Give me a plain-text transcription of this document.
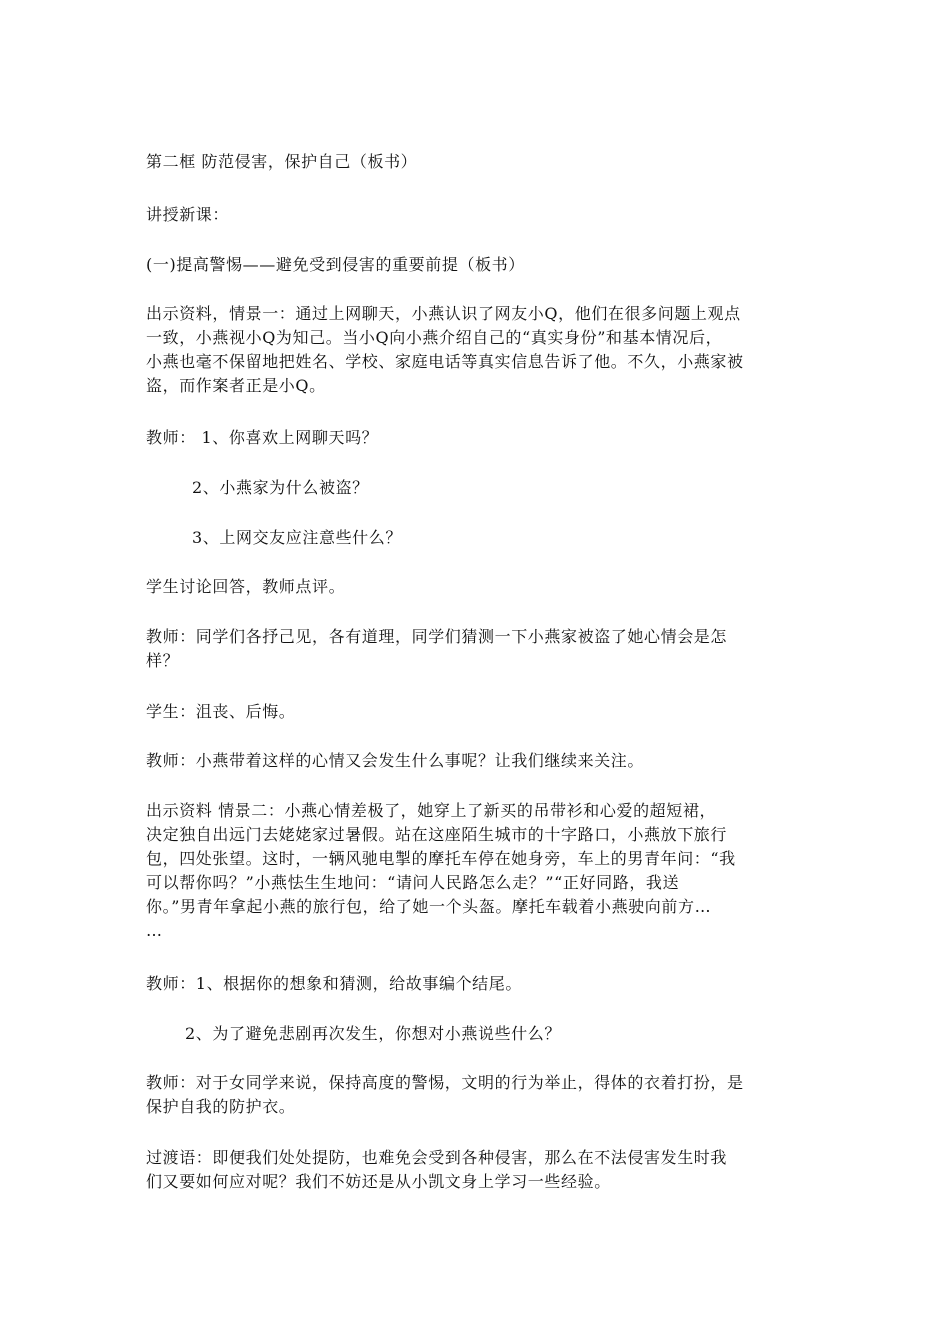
第二框 防范侵害，保护自己（板书）

讲授新课：

(一)提高警惕——避免受到侵害的重要前提（板书）

出示资料，情景一：通过上网聊天，小燕认识了网友小Q，他们在很多问题上观点
一致，小燕视小Q为知己。当小Q向小燕介绍自己的“真实身份”和基本情况后，
小燕也毫不保留地把姓名、学校、家庭电话等真实信息告诉了他。不久，小燕家被
盗，而作案者正是小Q。

教师： 1、你喜欢上网聊天吗？

2、小燕家为什么被盗？

3、上网交友应注意些什么？

学生讨论回答，教师点评。

教师：同学们各抒己见，各有道理，同学们猜测一下小燕家被盗了她心情会是怎
样？

学生：沮丧、后悔。

教师：小燕带着这样的心情又会发生什么事呢？让我们继续来关注。

出示资料 情景二：小燕心情差极了，她穿上了新买的吊带衫和心爱的超短裙，
决定独自出远门去姥姥家过暑假。站在这座陌生城市的十字路口，小燕放下旅行
包，四处张望。这时，一辆风驰电掣的摩托车停在她身旁，车上的男青年问：“我
可以帮你吗？”小燕怯生生地问：“请问人民路怎么走？”“正好同路，我送
你。”男青年拿起小燕的旅行包，给了她一个头盔。摩托车载着小燕驶向前方…
…

教师：1、根据你的想象和猜测，给故事编个结尾。

2、为了避免悲剧再次发生，你想对小燕说些什么？

教师：对于女同学来说，保持高度的警惕，文明的行为举止，得体的衣着打扮，是
保护自我的防护衣。

过渡语：即便我们处处提防，也难免会受到各种侵害，那么在不法侵害发生时我
们又要如何应对呢？我们不妨还是从小凯文身上学习一些经验。
